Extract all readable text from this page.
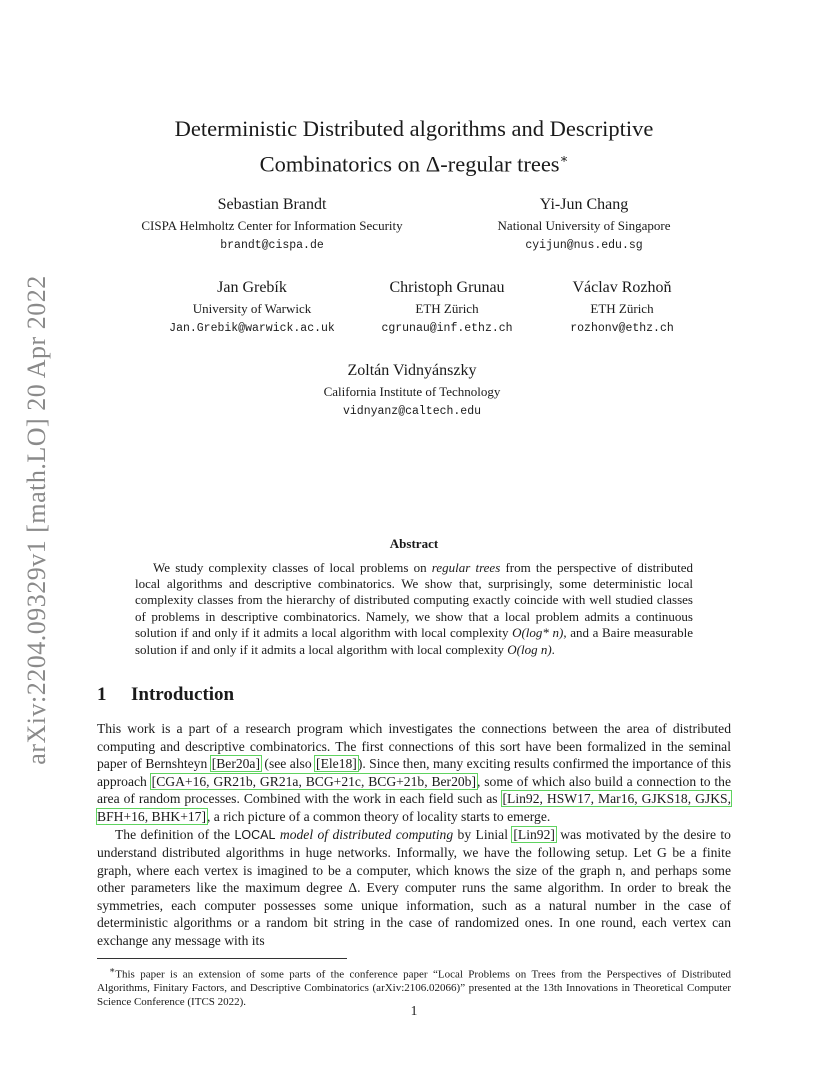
arXiv:2204.09329v1 [math.LO] 20 Apr 2022
Deterministic Distributed algorithms and Descriptive
Combinatorics on Δ-regular trees∗
Sebastian Brandt
CISPA Helmholtz Center for Information Security
brandt@cispa.de
Yi-Jun Chang
National University of Singapore
cyijun@nus.edu.sg
Jan Grebík
University of Warwick
Jan.Grebik@warwick.ac.uk
Christoph Grunau
ETH Zürich
cgrunau@inf.ethz.ch
Václav Rozhoň
ETH Zürich
rozhonv@ethz.ch
Zoltán Vidnyánszky
California Institute of Technology
vidnyanz@caltech.edu
Abstract

We study complexity classes of local problems on regular trees from the perspective of distributed local algorithms and descriptive combinatorics. We show that, surprisingly, some deterministic local complexity classes from the hierarchy of distributed computing exactly coincide with well studied classes of problems in descriptive combinatorics. Namely, we show that a local problem admits a continuous solution if and only if it admits a local algorithm with local complexity O(log* n), and a Baire measurable solution if and only if it admits a local algorithm with local complexity O(log n).

1 Introduction

This work is a part of a research program which investigates the connections between the area of distributed computing and descriptive combinatorics. The first connections of this sort have been formalized in the seminal paper of Bernshteyn [Ber20a] (see also [Ele18]). Since then, many exciting results confirmed the importance of this approach [CGA+16, GR21b, GR21a, BCG+21c, BCG+21b, Ber20b], some of which also build a connection to the area of random processes. Combined with the work in each field such as [Lin92, HSW17, Mar16, GJKS18, GJKS, BFH+16, BHK+17], a rich picture of a common theory of locality starts to emerge.

The definition of the LOCAL model of distributed computing by Linial [Lin92] was motivated by the desire to understand distributed algorithms in huge networks. Informally, we have the following setup. Let G be a finite graph, where each vertex is imagined to be a computer, which knows the size of the graph n, and perhaps some other parameters like the maximum degree Δ. Every computer runs the same algorithm. In order to break the symmetries, each computer possesses some unique information, such as a natural number in the case of deterministic algorithms or a random bit string in the case of randomized ones. In one round, each vertex can exchange any message with its

∗This paper is an extension of some parts of the conference paper “Local Problems on Trees from the Perspectives of Distributed Algorithms, Finitary Factors, and Descriptive Combinatorics (arXiv:2106.02066)” presented at the 13th Innovations in Theoretical Computer Science Conference (ITCS 2022).

1
